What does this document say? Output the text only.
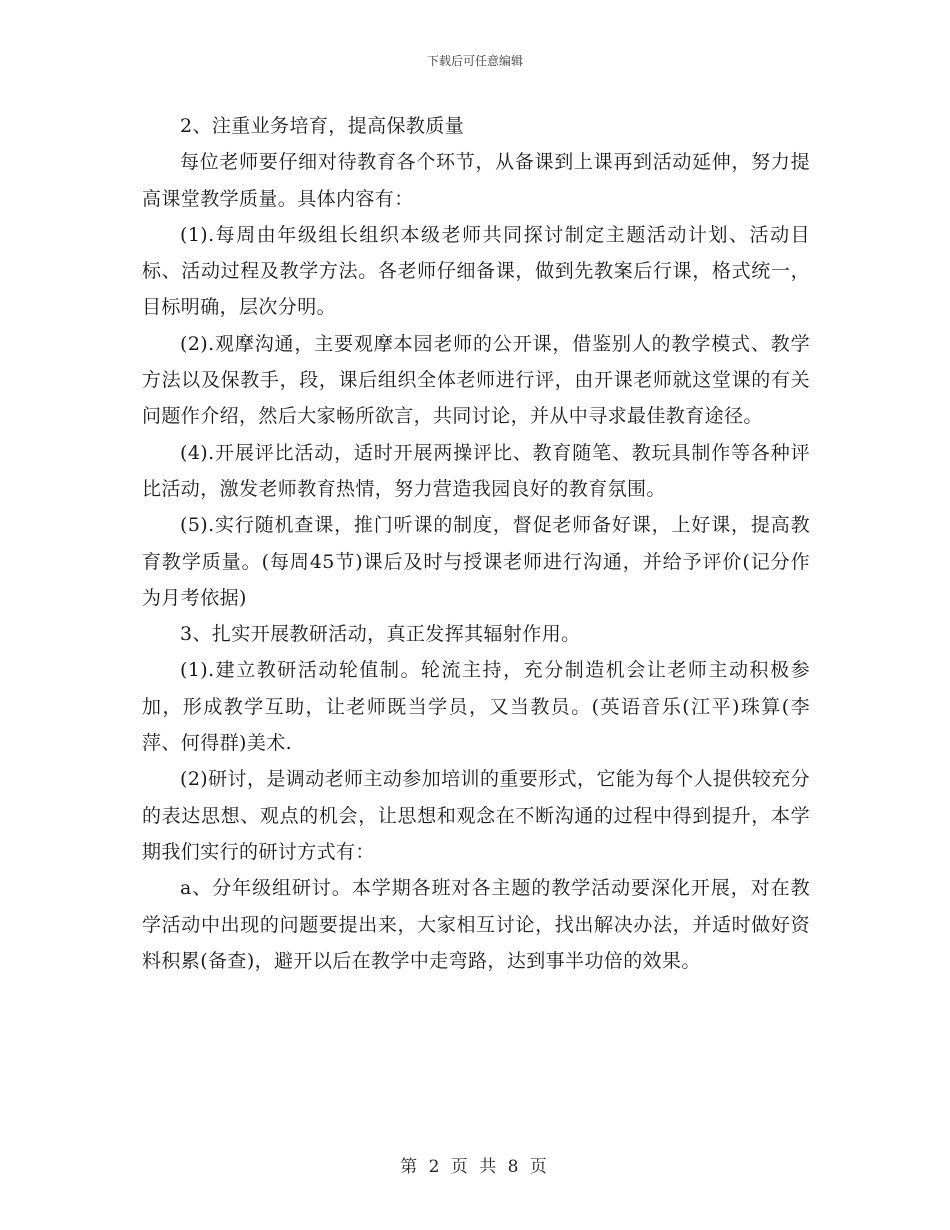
下载后可任意编辑

2、注重业务培育，提高保教质量

每位老师要仔细对待教育各个环节，从备课到上课再到活动延伸，努力提高课堂教学质量。具体内容有：

(1).每周由年级组长组织本级老师共同探讨制定主题活动计划、活动目标、活动过程及教学方法。各老师仔细备课，做到先教案后行课，格式统一，目标明确，层次分明。

(2).观摩沟通，主要观摩本园老师的公开课，借鉴别人的教学模式、教学方法以及保教手，段，课后组织全体老师进行评，由开课老师就这堂课的有关问题作介绍，然后大家畅所欲言，共同讨论，并从中寻求最佳教育途径。

(4).开展评比活动，适时开展两操评比、教育随笔、教玩具制作等各种评比活动，激发老师教育热情，努力营造我园良好的教育氛围。

(5).实行随机查课，推门听课的制度，督促老师备好课，上好课，提高教育教学质量。(每周45节)课后及时与授课老师进行沟通，并给予评价(记分作为月考依据)

3、扎实开展教研活动，真正发挥其辐射作用。

(1).建立教研活动轮值制。轮流主持，充分制造机会让老师主动积极参加，形成教学互助，让老师既当学员，又当教员。(英语音乐(江平)珠算(李萍、何得群)美术.

(2)研讨，是调动老师主动参加培训的重要形式，它能为每个人提供较充分的表达思想、观点的机会，让思想和观念在不断沟通的过程中得到提升，本学期我们实行的研讨方式有：

a、分年级组研讨。本学期各班对各主题的教学活动要深化开展，对在教学活动中出现的问题要提出来，大家相互讨论，找出解决办法，并适时做好资料积累(备查)，避开以后在教学中走弯路，达到事半功倍的效果。

第 2 页 共 8 页
